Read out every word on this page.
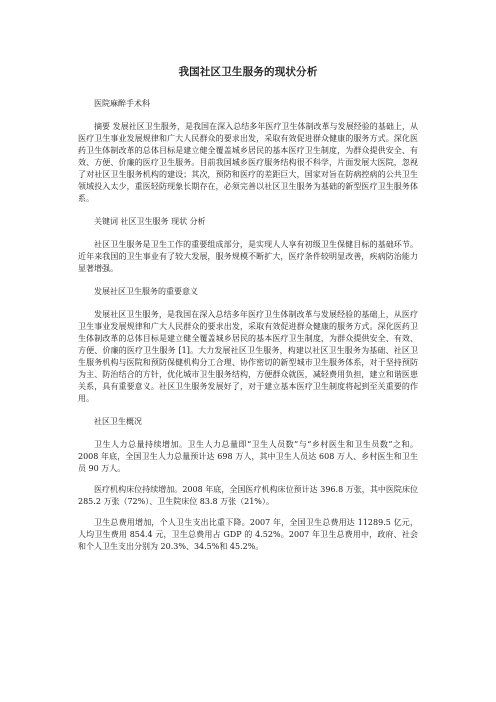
我国社区卫生服务的现状分析

医院麻醉手术科

摘要 发展社区卫生服务，是我国在深入总结多年医疗卫生体制改革与发展经验的基础上，从医疗卫生事业发展规律和广大人民群众的要求出发，采取有效促进群众健康的服务方式。深化医药卫生体制改革的总体目标是建立健全覆盖城乡居民的基本医疗卫生制度，为群众提供安全、有效、方便、价廉的医疗卫生服务。目前我国城乡医疗服务结构很不科学，片面发展大医院，忽视了对社区卫生服务机构的建设；其次，预防和医疗的差距巨大，国家对旨在防病控病的公共卫生领域投入太少，重医轻防现象长期存在，必须完善以社区卫生服务为基础的新型医疗卫生服务体系。

关键词 社区卫生服务 现状 分析

社区卫生服务是卫生工作的重要组成部分，是实现人人享有初级卫生保健目标的基础环节。近年来我国的卫生事业有了较大发展，服务规模不断扩大，医疗条件较明显改善，疾病防治能力显著增强。

发展社区卫生服务的重要意义

发展社区卫生服务，是我国在深入总结多年医疗卫生体制改革与发展经验的基础上，从医疗卫生事业发展规律和广大人民群众的要求出发，采取有效促进群众健康的服务方式。深化医药卫生体制改革的总体目标是建立健全覆盖城乡居民的基本医疗卫生制度，为群众提供安全、有效、方便、价廉的医疗卫生服务 [1]。大力发展社区卫生服务，构建以社区卫生服务为基础、社区卫生服务机构与医院和预防保健机构分工合理、协作密切的新型城市卫生服务体系，对于坚持预防为主、防治结合的方针，优化城市卫生服务结构，方便群众就医，减轻费用负担，建立和谐医患关系，具有重要意义。社区卫生服务发展好了，对于建立基本医疗卫生制度将起到至关重要的作用。

社区卫生概况

卫生人力总量持续增加。卫生人力总量即“卫生人员数”与“乡村医生和卫生员数”之和。2008 年底，全国卫生人力总量预计达 698 万人，其中卫生人员达 608 万人、乡村医生和卫生员 90 万人。

医疗机构床位持续增加。2008 年底，全国医疗机构床位预计达 396.8 万张，其中医院床位 285.2 万张（72%）、卫生院床位 83.8 万张（21%）。

卫生总费用增加，个人卫生支出比重下降。2007 年，全国卫生总费用达 11289.5 亿元，人均卫生费用 854.4 元，卫生总费用占 GDP 的 4.52%。2007 年卫生总费用中，政府、社会和个人卫生支出分别为 20.3%、34.5%和 45.2%。
